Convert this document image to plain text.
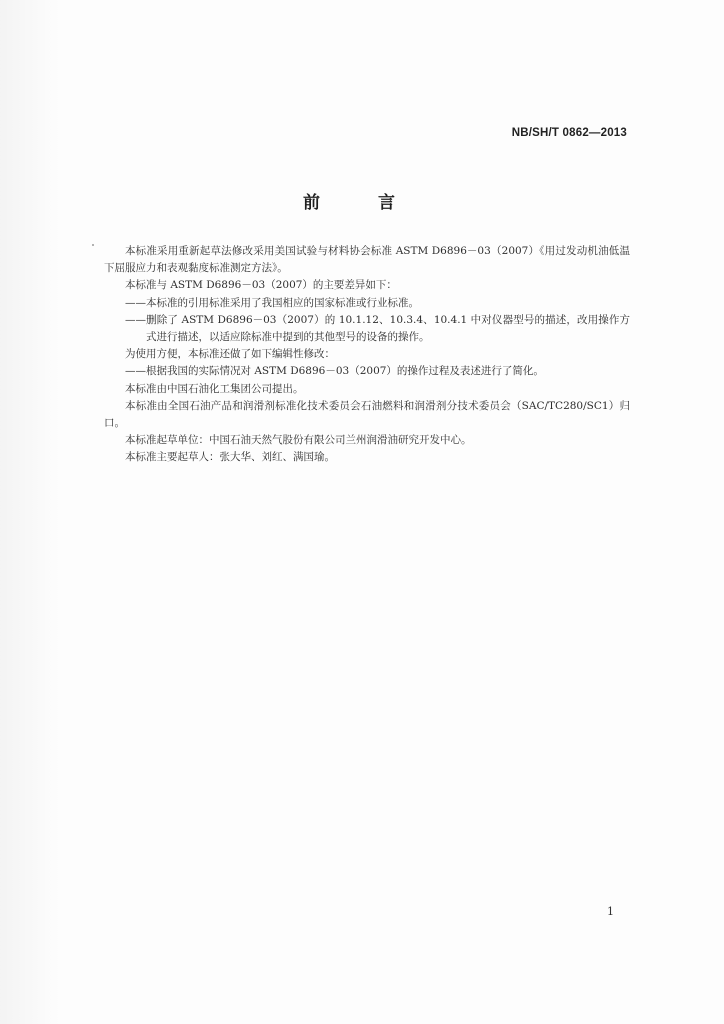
NB/SH/T 0862—2013
前 言

本标准采用重新起草法修改采用美国试验与材料协会标准 ASTM D6896－03（2007）《用过发动机油低温下屈服应力和表观黏度标准测定方法》。

本标准与 ASTM D6896－03（2007）的主要差异如下：

——本标准的引用标准采用了我国相应的国家标准或行业标准。

——删除了 ASTM D6896－03（2007）的 10.1.12、10.3.4、10.4.1 中对仪器型号的描述，改用操作方式进行描述，以适应除标准中提到的其他型号的设备的操作。

为使用方便，本标准还做了如下编辑性修改：

——根据我国的实际情况对 ASTM D6896－03（2007）的操作过程及表述进行了简化。

本标准由中国石油化工集团公司提出。

本标准由全国石油产品和润滑剂标准化技术委员会石油燃料和润滑剂分技术委员会（SAC/TC280/SC1）归口。

本标准起草单位：中国石油天然气股份有限公司兰州润滑油研究开发中心。

本标准主要起草人：张大华、刘红、满国瑜。

1
